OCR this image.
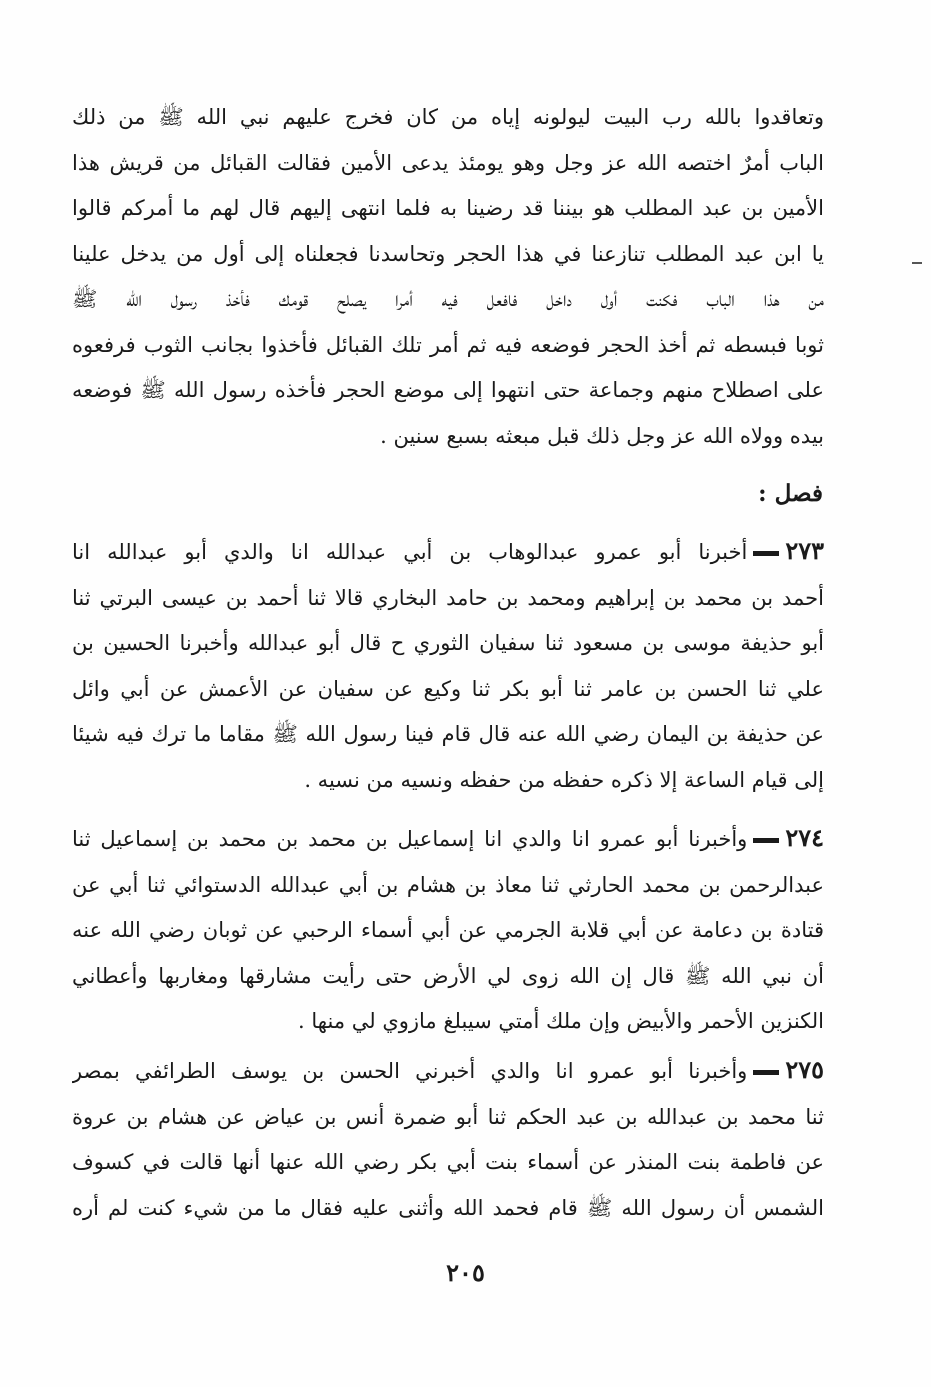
وتعاقدوا بالله رب البيت ليولونه إياه من كان فخرج عليهم نبي الله ﷺ من ذلك
الباب أمرٌ اختصه الله عز وجل وهو يومئذ يدعى الأمين فقالت القبائل من قريش هذا
الأمين بن عبد المطلب هو بيننا قد رضينا به فلما انتهى إليهم قال لهم ما أمركم قالوا
يا ابن عبد المطلب تنازعنا في هذا الحجر وتحاسدنا فجعلناه إلى أول من يدخل علينا
من هذا الباب فكنت أول داخل فافعل فيه أمرا يصلح قومك فأخذ رسول الله ﷺ
ثوبا فبسطه ثم أخذ الحجر فوضعه فيه ثم أمر تلك القبائل فأخذوا بجانب الثوب فرفعوه
على اصطلاح منهم وجماعة حتى انتهوا إلى موضع الحجر فأخذه رسول الله ﷺ فوضعه
بيده وولاه الله عز وجل ذلك قبل مبعثه بسبع سنين .
فصل :
٢٧٣أخبرنا أبو عمرو عبدالوهاب بن أبي عبدالله انا والدي أبو عبدالله انا
أحمد بن محمد بن إبراهيم ومحمد بن حامد البخاري قالا ثنا أحمد بن عيسى البرتي ثنا
أبو حذيفة موسى بن مسعود ثنا سفيان الثوري ح قال أبو عبدالله وأخبرنا الحسين بن
علي ثنا الحسن بن عامر ثنا أبو بكر ثنا وكيع عن سفيان عن الأعمش عن أبي وائل
عن حذيفة بن اليمان رضي الله عنه قال قام فينا رسول الله ﷺ مقاما ما ترك فيه شيئا
إلى قيام الساعة إلا ذكره حفظه من حفظه ونسيه من نسيه .
٢٧٤وأخبرنا أبو عمرو انا والدي انا إسماعيل بن محمد بن محمد بن إسماعيل ثنا
عبدالرحمن بن محمد الحارثي ثنا معاذ بن هشام بن أبي عبدالله الدستوائي ثنا أبي عن
قتادة بن دعامة عن أبي قلابة الجرمي عن أبي أسماء الرحبي عن ثوبان رضي الله عنه
أن نبي الله ﷺ قال إن الله زوى لي الأرض حتى رأيت مشارقها ومغاربها وأعطاني
الكنزين الأحمر والأبيض وإن ملك أمتي سيبلغ مازوي لي منها .
٢٧٥وأخبرنا أبو عمرو انا والدي أخبرني الحسن بن يوسف الطرائفي بمصر
ثنا محمد بن عبدالله بن عبد الحكم ثنا أبو ضمرة أنس بن عياض عن هشام بن عروة
عن فاطمة بنت المنذر عن أسماء بنت أبي بكر رضي الله عنها أنها قالت في كسوف
الشمس أن رسول الله ﷺ قام فحمد الله وأثنى عليه فقال ما من شيء كنت لم أره
٢٠٥
